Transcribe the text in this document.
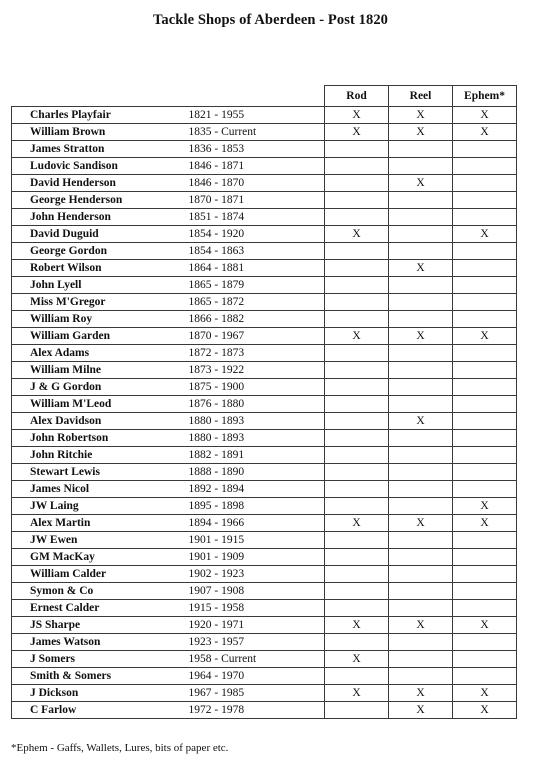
Tackle Shops of Aberdeen - Post 1820
		Rod	Reel	Ephem*
Charles Playfair	1821 - 1955	X	X	X
William Brown	1835 - Current	X	X	X
James Stratton	1836 - 1853			
Ludovic Sandison	1846 - 1871			
David Henderson	1846 - 1870		X	
George Henderson	1870 - 1871			
John Henderson	1851 - 1874			
David Duguid	1854 - 1920	X		X
George Gordon	1854 - 1863			
Robert Wilson	1864 - 1881		X	
John Lyell	1865 - 1879			
Miss M'Gregor	1865 - 1872			
William Roy	1866 - 1882			
William Garden	1870 - 1967	X	X	X
Alex Adams	1872 - 1873			
William Milne	1873 - 1922			
J & G Gordon	1875 - 1900			
William M'Leod	1876 - 1880			
Alex Davidson	1880 - 1893		X	
John Robertson	1880 - 1893			
John Ritchie	1882 - 1891			
Stewart Lewis	1888 - 1890			
James Nicol	1892 - 1894			
JW Laing	1895 - 1898			X
Alex Martin	1894 - 1966	X	X	X
JW Ewen	1901 - 1915			
GM MacKay	1901 - 1909			
William Calder	1902 - 1923			
Symon & Co	1907 - 1908			
Ernest Calder	1915 - 1958			
JS Sharpe	1920 - 1971	X	X	X
James Watson	1923 - 1957			
J Somers	1958 - Current	X		
Smith & Somers	1964 - 1970			
J Dickson	1967 - 1985	X	X	X
C Farlow	1972 - 1978		X	X
*Ephem - Gaffs, Wallets, Lures, bits of paper etc.
